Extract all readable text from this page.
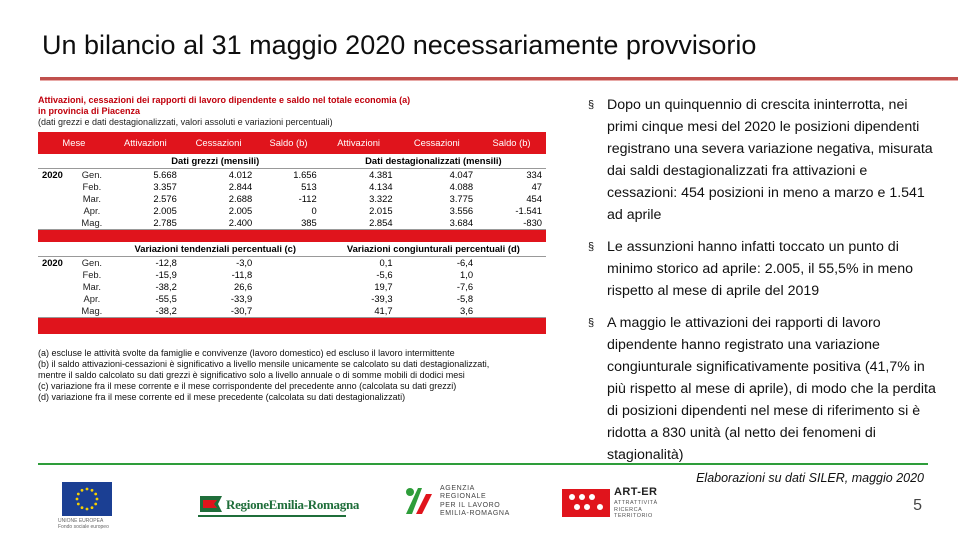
Un bilancio al 31 maggio 2020 necessariamente provvisorio
Attivazioni, cessazioni dei rapporti di lavoro dipendente e saldo nel totale economia (a)
in provincia di Piacenza
(dati grezzi e dati destagionalizzati, valori assoluti e variazioni percentuali)
Mese		Attivazioni	Cessazioni	Saldo (b)	Attivazioni	Cessazioni	Saldo (b)
		Dati grezzi (mensili)			Dati destagionalizzati (mensili)		
2020	Gen.	5.668	4.012	1.656	4.381	4.047	334
	Feb.	3.357	2.844	513	4.134	4.088	47
	Mar.	2.576	2.688	-112	3.322	3.775	454
	Apr.	2.005	2.005	0	2.015	3.556	-1.541
	Mag.	2.785	2.400	385	2.854	3.684	-830

		Variazioni tendenziali percentuali (c)			Variazioni congiunturali percentuali (d)		
2020	Gen.	-12,8	-3,0		0,1	-6,4	
	Feb.	-15,9	-11,8		-5,6	1,0	
	Mar.	-38,2	26,6		19,7	-7,6	
	Apr.	-55,5	-33,9		-39,3	-5,8	
	Mag.	-38,2	-30,7		41,7	3,6	

(a) escluse le attività svolte da famiglie e convivenze (lavoro domestico) ed escluso il lavoro intermittente
(b) il saldo attivazioni-cessazioni è significativo a livello mensile unicamente se calcolato su dati destagionalizzati,
mentre il saldo calcolato su dati grezzi è significativo solo a livello annuale o di somme mobili di dodici mesi
(c) variazione fra il mese corrente e il mese corrispondente del precedente anno (calcolata su dati grezzi)
(d) variazione fra il mese corrente ed il mese precedente (calcolata su dati destagionalizzati)
§ Dopo un quinquennio di crescita ininterrotta, nei primi cinque mesi del 2020 le posizioni dipendenti registrano una severa variazione negativa, misurata dai saldi destagionalizzati fra attivazioni e cessazioni: 454 posizioni in meno a marzo e 1.541 ad aprile
§ Le assunzioni hanno infatti toccato un punto di minimo storico ad aprile: 2.005, il 55,5% in meno rispetto al mese di aprile del 2019
§ A maggio le attivazioni dei rapporti di lavoro dipendente hanno registrato una variazione congiunturale significativamente positiva (41,7% in più rispetto al mese di aprile), di modo che la perdita di posizioni dipendenti nel mese di riferimento si è ridotta a 830 unità (al netto dei fenomeni di stagionalità)
Elaborazioni su dati SILER, maggio 2020
5
UNIONE EUROPEA
Fondo sociale europeo
RegioneEmilia-Romagna
AGENZIA
REGIONALE
PER IL LAVORO
EMILIA-ROMAGNA
ART-ER
ATTRATTIVITÀ
RICERCA
TERRITORIO
